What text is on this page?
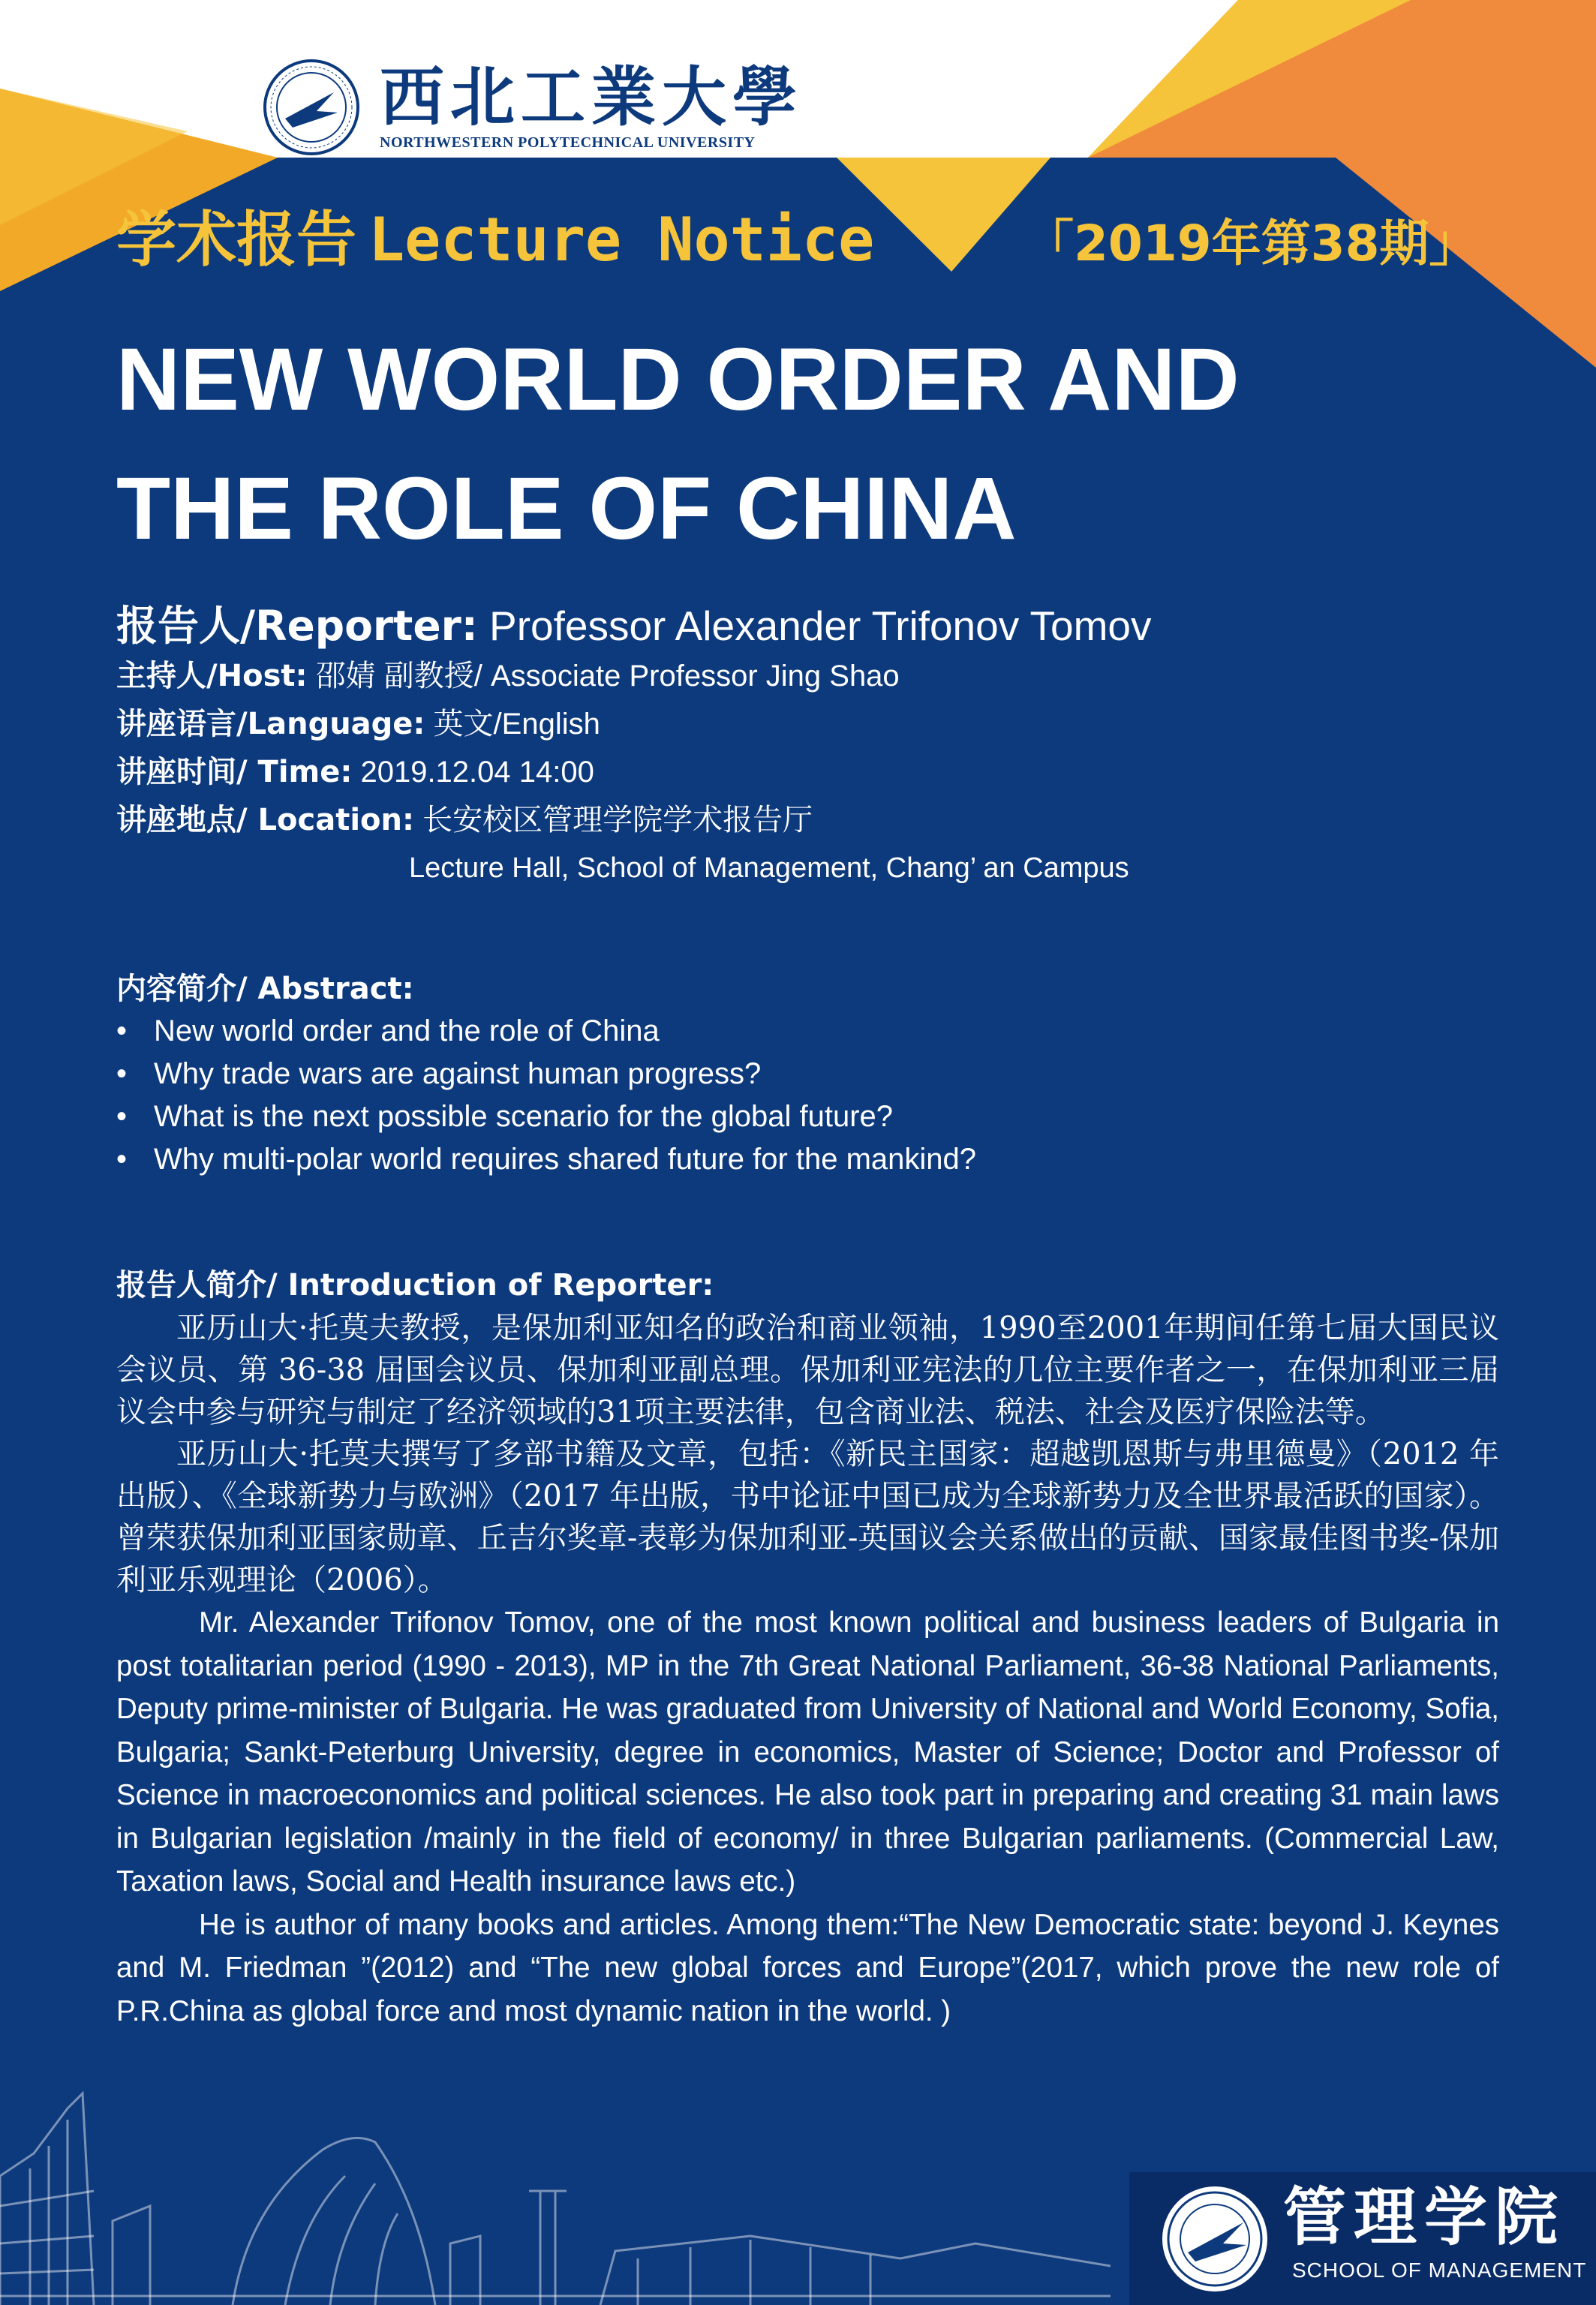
西北工業大學
NORTHWESTERN POLYTECHNICAL UNIVERSITY
学术报告 Lecture Notice	「2019年第38期」
NEW WORLD ORDER AND
THE ROLE OF CHINA
报告人/Reporter: Professor Alexander Trifonov Tomov
主持人/Host: 邵婧 副教授/ Associate Professor Jing Shao
讲座语言/Language: 英文/English
讲座时间/ Time: 2019.12.04 14:00
讲座地点/ Location: 长安校区管理学院学术报告厅
Lecture Hall, School of Management, Chang’ an Campus
内容简介/ Abstract:
• New world order and the role of China
• Why trade wars are against human progress?
• What is the next possible scenario for the global future?
• Why multi-polar world requires shared future for the mankind?
报告人简介/ Introduction of Reporter:

亚历山大·托莫夫教授，是保加利亚知名的政治和商业领袖，1990至2001年期间任第七届大国民议会议员、第 36-38 届国会议员、保加利亚副总理。保加利亚宪法的几位主要作者之一，在保加利亚三届议会中参与研究与制定了经济领域的31项主要法律，包含商业法、税法、社会及医疗保险法等。

亚历山大·托莫夫撰写了多部书籍及文章，包括：《新民主国家：超越凯恩斯与弗里德曼》（2012 年出版）、《全球新势力与欧洲》（2017 年出版，书中论证中国已成为全球新势力及全世界最活跃的国家）。曾荣获保加利亚国家勋章、丘吉尔奖章-表彰为保加利亚-英国议会关系做出的贡献、国家最佳图书奖-保加利亚乐观理论（2006）。

Mr. Alexander Trifonov Tomov, one of the most known political and business leaders of Bulgaria in post totalitarian period (1990 - 2013), MP in the 7th Great National Parliament, 36-38 National Parliaments, Deputy prime-minister of Bulgaria. He was graduated from University of National and World Economy, Sofia, Bulgaria; Sankt-Peterburg University, degree in economics, Master of Science; Doctor and Professor of Science in macroeconomics and political sciences. He also took part in preparing and creating 31 main laws in Bulgarian legislation /mainly in the field of economy/ in three Bulgarian parliaments. (Commercial Law, Taxation laws, Social and Health insurance laws etc.)

He is author of many books and articles. Among them:“The New Democratic state: beyond J. Keynes and M. Friedman ”(2012) and “The new global forces and Europe”(2017, which prove the new role of P.R.China as global force and most dynamic nation in the world. )

管理学院
SCHOOL OF MANAGEMENT
